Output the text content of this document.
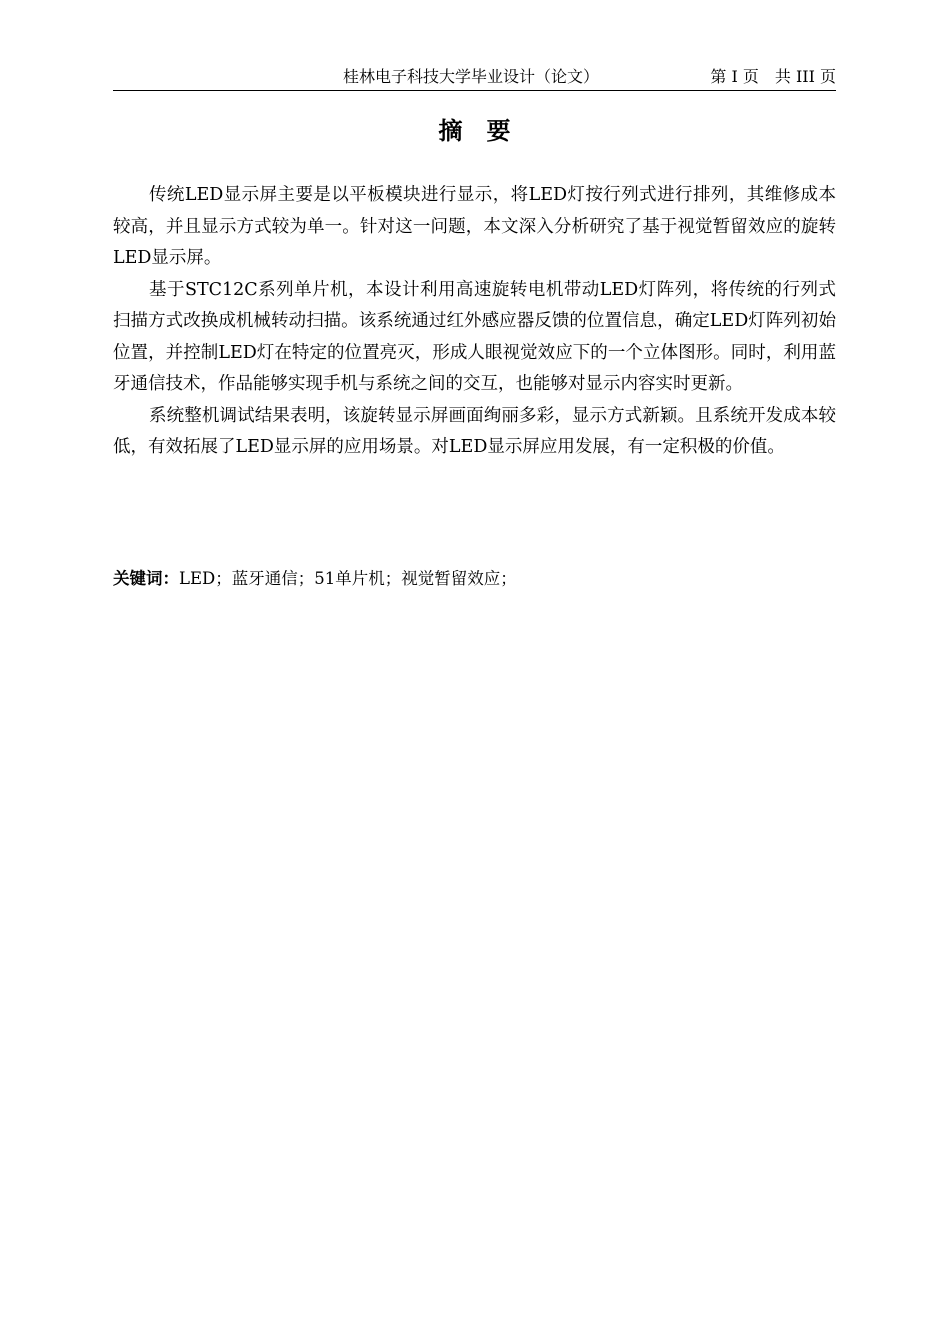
桂林电子科技大学毕业设计（论文）	第 I 页　共 III 页
摘要

传统LED显示屏主要是以平板模块进行显示，将LED灯按行列式进行排列，其维修成本较高，并且显示方式较为单一。针对这一问题，本文深入分析研究了基于视觉暂留效应的旋转LED显示屏。

基于STC12C系列单片机，本设计利用高速旋转电机带动LED灯阵列，将传统的行列式扫描方式改换成机械转动扫描。该系统通过红外感应器反馈的位置信息，确定LED灯阵列初始位置，并控制LED灯在特定的位置亮灭，形成人眼视觉效应下的一个立体图形。同时，利用蓝牙通信技术，作品能够实现手机与系统之间的交互，也能够对显示内容实时更新。

系统整机调试结果表明，该旋转显示屏画面绚丽多彩，显示方式新颖。且系统开发成本较低，有效拓展了LED显示屏的应用场景。对LED显示屏应用发展，有一定积极的价值。

关键词：LED；蓝牙通信；51单片机；视觉暂留效应；
